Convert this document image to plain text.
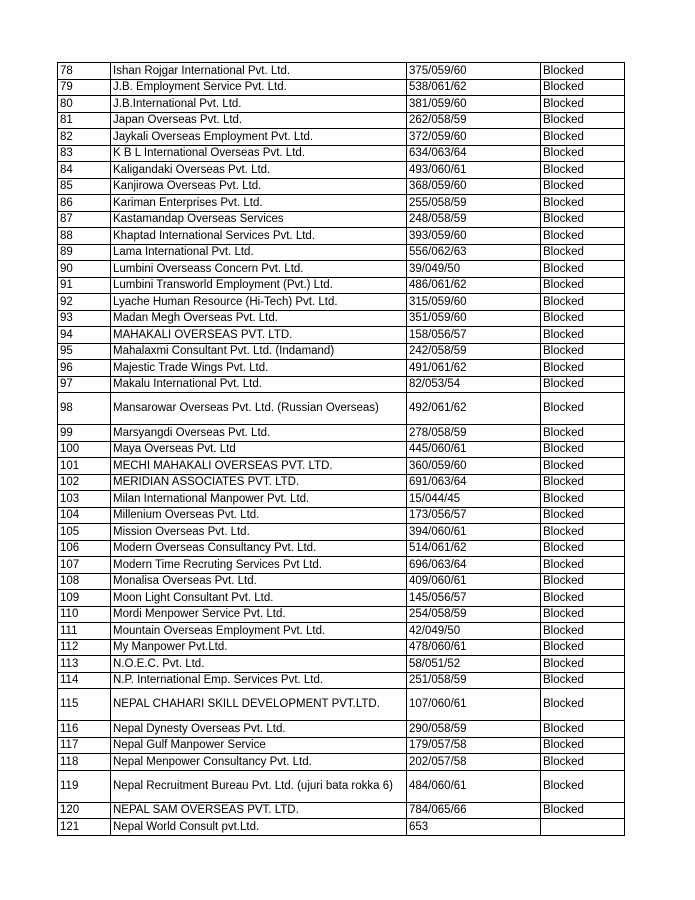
78	Ishan Rojgar International Pvt. Ltd.	375/059/60	Blocked
79	J.B. Employment Service Pvt. Ltd.	538/061/62	Blocked
80	J.B.International Pvt. Ltd.	381/059/60	Blocked
81	Japan Overseas Pvt. Ltd.	262/058/59	Blocked
82	Jaykali Overseas Employment Pvt. Ltd.	372/059/60	Blocked
83	K B L International Overseas Pvt. Ltd.	634/063/64	Blocked
84	Kaligandaki Overseas Pvt. Ltd.	493/060/61	Blocked
85	Kanjirowa Overseas Pvt. Ltd.	368/059/60	Blocked
86	Kariman Enterprises Pvt. Ltd.	255/058/59	Blocked
87	Kastamandap Overseas Services	248/058/59	Blocked
88	Khaptad International Services Pvt. Ltd.	393/059/60	Blocked
89	Lama International Pvt. Ltd.	556/062/63	Blocked
90	Lumbini Overseass Concern Pvt. Ltd.	39/049/50	Blocked
91	Lumbini Transworld Employment (Pvt.) Ltd.	486/061/62	Blocked
92	Lyache Human Resource (Hi-Tech) Pvt. Ltd.	315/059/60	Blocked
93	Madan Megh Overseas Pvt. Ltd.	351/059/60	Blocked
94	MAHAKALI OVERSEAS PVT. LTD.	158/056/57	Blocked
95	Mahalaxmi Consultant Pvt. Ltd. (Indamand)	242/058/59	Blocked
96	Majestic Trade Wings Pvt. Ltd.	491/061/62	Blocked
97	Makalu International Pvt. Ltd.	82/053/54	Blocked
98	Mansarowar Overseas Pvt. Ltd. (Russian Overseas)	492/061/62	Blocked
99	Marsyangdi Overseas Pvt. Ltd.	278/058/59	Blocked
100	Maya Overseas Pvt. Ltd	445/060/61	Blocked
101	MECHI MAHAKALI OVERSEAS PVT. LTD.	360/059/60	Blocked
102	MERIDIAN ASSOCIATES PVT. LTD.	691/063/64	Blocked
103	Milan International Manpower Pvt. Ltd.	15/044/45	Blocked
104	Millenium Overseas Pvt. Ltd.	173/056/57	Blocked
105	Mission Overseas Pvt. Ltd.	394/060/61	Blocked
106	Modern Overseas Consultancy Pvt. Ltd.	514/061/62	Blocked
107	Modern Time Recruting Services Pvt Ltd.	696/063/64	Blocked
108	Monalisa Overseas Pvt. Ltd.	409/060/61	Blocked
109	Moon Light Consultant Pvt. Ltd.	145/056/57	Blocked
110	Mordi Menpower Service Pvt. Ltd.	254/058/59	Blocked
111	Mountain Overseas Employment Pvt. Ltd.	42/049/50	Blocked
112	My Manpower Pvt.Ltd.	478/060/61	Blocked
113	N.O.E.C. Pvt. Ltd.	58/051/52	Blocked
114	N.P. International Emp. Services Pvt. Ltd.	251/058/59	Blocked
115	NEPAL CHAHARI SKILL DEVELOPMENT PVT.LTD.	107/060/61	Blocked
116	Nepal Dynesty Overseas Pvt. Ltd.	290/058/59	Blocked
117	Nepal Gulf Manpower Service	179/057/58	Blocked
118	Nepal Menpower Consultancy Pvt. Ltd.	202/057/58	Blocked
119	Nepal Recruitment Bureau Pvt. Ltd. (ujuri bata rokka 6)	484/060/61	Blocked
120	NEPAL SAM OVERSEAS PVT. LTD.	784/065/66	Blocked
121	Nepal World Consult pvt.Ltd.	653	
